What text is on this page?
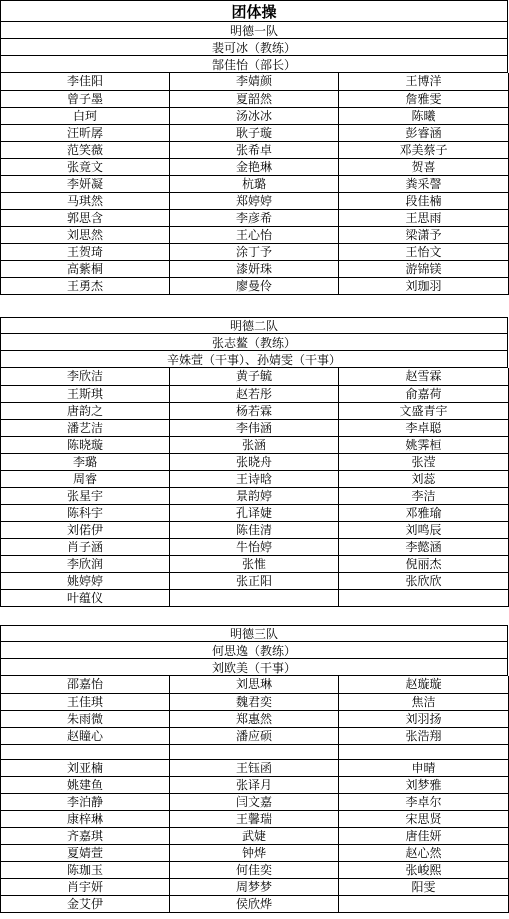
团体操
明德一队
裴可冰（教练）
郜佳怡（部长）
李佳阳	李婧颜	王博洋
曾子墨	夏韶然	詹雅雯
白珂	汤冰冰	陈曦
汪昕孱	耿子璇	彭睿涵
范笑薇	张希卓	邓美蔡子
张竟文	金艳琳	贺喜
李妍凝	杭璐	粪采謦
马琪然	郑婷婷	段佳楠
郭思含	李彦希	王思雨
刘思然	王心怡	梁潇予
王贺琦	涂丁予	王怡文
高紫桐	漆妍珠	游锦镁
王勇杰	廖曼伶	刘珈羽
明德二队
张志鳌（教练）
辛姝萱（干事）、孙婧雯（干事）
李欣洁	黄子毓	赵雪霖
王斯琪	赵若彤	俞嘉荷
唐韵之	杨若霖	文盛青宇
潘艺洁	李伟涵	李卓聪
陈晓璇	张涵	姚霁桓
李璐	张晓舟	张滢
周睿	王诗晗	刘蕊
张星宇	景韵婷	李洁
陈科宇	孔译婕	邓雅瑜
刘偌伊	陈佳清	刘鸣辰
肖子涵	牛怡婷	李懿涵
李欣润	张惟	倪丽杰
姚婷婷	张正阳	张欣欣
叶蕴仪		
明德三队
何思逸（教练）
刘欧美（干事）
邵嘉怡	刘思琳	赵璇璇
王佳琪	魏君奕	焦洁
朱雨微	郑惠然	刘羽扬
赵瞳心	潘应硕	张浩翔

刘亚楠	王钰函	申晴
姚建鱼	张译月	刘梦雅
李泊静	闫文嘉	李卓尔
康梓琳	王馨瑞	宋思贤
齐嘉琪	武婕	唐佳妍
夏婧萱	钟烨	赵心然
陈珈玉	何佳奕	张峻熙
肖宇妍	周梦梦	阳雯
金艾伊	侯欣烨	
